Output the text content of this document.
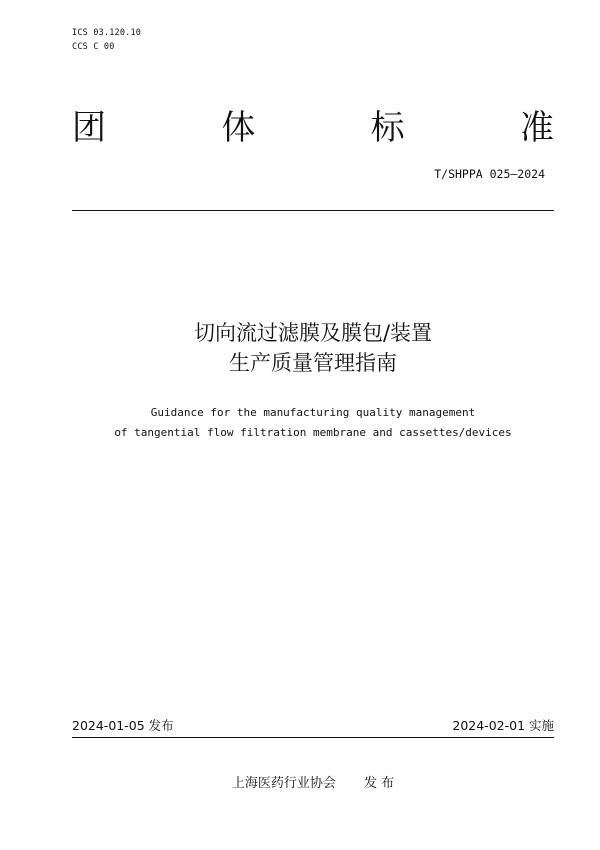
ICS 03.120.10
CCS C 00
团	体	标	准
T/SHPPA 025—2024
切向流过滤膜及膜包/装置
生产质量管理指南
Guidance for the manufacturing quality management
of tangential flow filtration membrane and cassettes/devices
2024-01-05 发布	2024-02-01 实施
上海医药行业协会 发 布
